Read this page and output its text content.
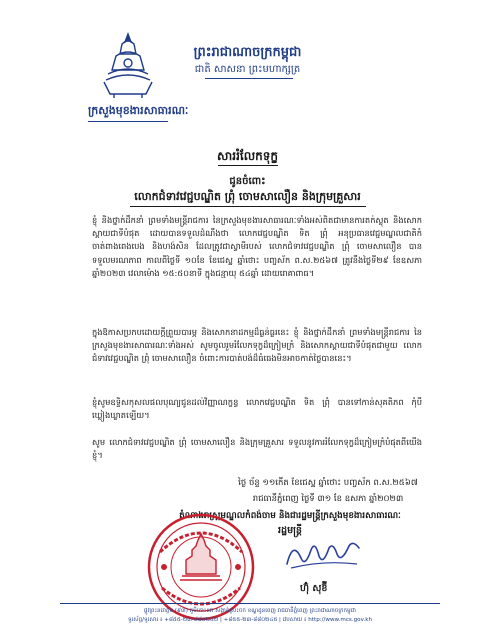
ក្រសួងមុខងារសាធារណៈ
ព្រះរាជាណាចក្រកម្ពុជា
ជាតិ សាសនា ព្រះមហាក្សត្រ
សាររំលែកទុក្ខ
ជូនចំពោះ
លោកជំទាវវេជ្ជបណ្ឌិត ព្រុំ ចោមសាលឿន និងក្រុមគ្រួសារ
ខ្ញុំ និងថ្នាក់ដឹកនាំ ព្រមទាំងមន្ត្រីរាជការ នៃក្រសួងមុខងារសាធារណៈទាំងអស់ពិតជាមានការតក់ស្លុត និងសោកស្តាយជាទីបំផុត ដោយបានទទួលដំណឹងថា លោកវេជ្ជបណ្ឌិត ទិត ព្រុំ អនុប្រធានវេជ្ជមណ្ឌលជាតិកំចាត់ពាងពេងបេង និងហង់សិន ដែលត្រូវជាស្វាមីរបស់ លោកជំទាវវេជ្ជបណ្ឌិត ព្រុំ ចោមសាលឿន បានទទួលមរណភាព កាលពីថ្ងៃទី ១០ខែ ខែជេស្ឋ ឆ្នាំថោះ បញ្ចស័ក ព.ស.២៥៦៧ ត្រូវនឹងថ្ងៃទី២៩ ខែឧសភា ឆ្នាំ២០២៣ វេលាម៉ោង ១៥:៥០នាទី ក្នុងជន្មាយុ ៥៤ឆ្នាំ ដោយរោគាពាធ។
ក្នុងឱកាសប្រកបដោយក្តីព្រួយបារម្ភ និងសោកនាដកម្មដ៏ធ្ងន់ធ្ងរនេះ ខ្ញុំ និងថ្នាក់ដឹកនាំ ព្រមទាំងមន្ត្រីរាជការ នៃក្រសួងមុខងារសាធារណៈទាំងអស់ សូមចូលរួមរំលែកទុក្ខដ៏ក្រៀមក្រំ និងសោកស្តាយជាទីបំផុតជាមួយ លោកជំទាវវេជ្ជបណ្ឌិត ព្រុំ ចោមសាលឿន ចំពោះការបាត់បង់ដ៏ធំធេងមិនអាចកាត់ថ្លៃបាននេះ។
ខ្ញុំសូមឧទ្ទិសកុសលផលបុណ្យជូនដល់វិញ្ញាណក្ខន្ធ លោកវេជ្ជបណ្ឌិត ទិត ព្រុំ បានទៅកាន់សុគតិភព កុំបីឃ្លៀងឃ្លាតឡើយ។
សូម លោកជំទាវវេជ្ជបណ្ឌិត ព្រុំ ចោមសាលឿន និងក្រុមគ្រួសារ ទទួលនូវការរំលែកទុក្ខដ៏ក្រៀមក្រំបំផុតពីយើងខ្ញុំ។
ថ្ងៃ ច័ន្ទ ១១កើត ខែជេស្ឋ ឆ្នាំថោះ បញ្ចស័ក ព.ស.២៥៦៧
រាជធានីភ្នំពេញ ថ្ងៃទី ៣១ ខែ ឧសភា ឆ្នាំ២០២៣
តំណាងរាស្ត្រមណ្ឌលកំពង់ចាម និងជារដ្ឋមន្ត្រីក្រសួងមុខងារសាធារណៈ
រដ្ឋមន្ត្រី
ហ៊ុំ សុខ៊ី
ផ្លូវព្រះនរោត្តម (៩៣) ភូមិកោះនរា សង្កាត់ស្រះចក ខណ្ឌដូនពេញ រាជធានីភ្នំពេញ ព្រះរាជាណាចក្រកម្ពុជា
ទូរស័ព្ទ/ទូរសារ ៖ +៨៥៥-២៣-៨៨០២៤២ | +៨៥៥-២៣-៨៨០២៤៥ | វេបសាយ ៖ http://www.mcs.gov.kh
